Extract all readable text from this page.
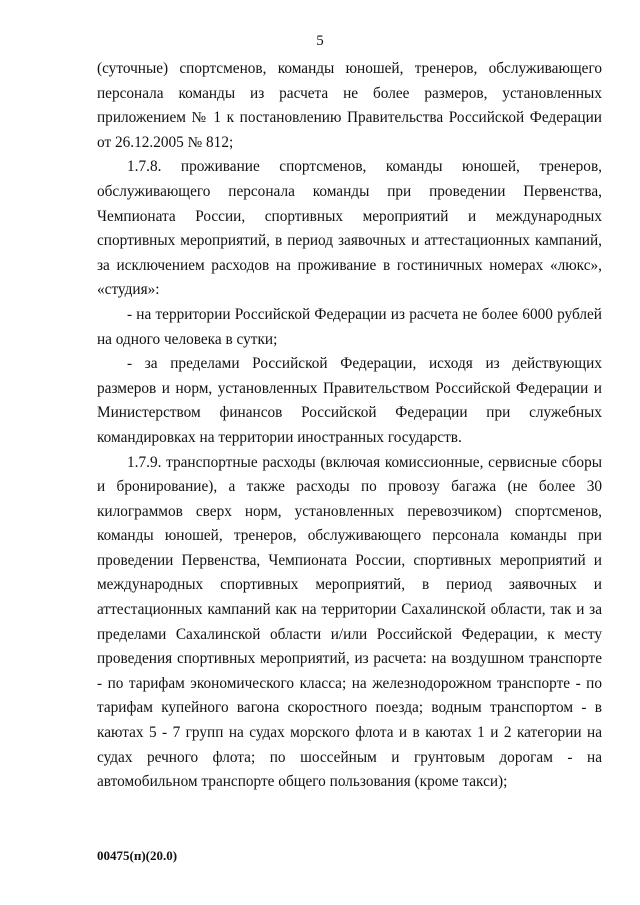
5

(суточные) спортсменов, команды юношей, тренеров, обслуживающего персонала команды из расчета не более размеров, установленных приложением № 1 к постановлению Правительства Российской Федерации от 26.12.2005 № 812;

1.7.8. проживание спортсменов, команды юношей, тренеров, обслуживающего персонала команды при проведении Первенства, Чемпионата России, спортивных мероприятий и международных спортивных мероприятий, в период заявочных и аттестационных кампаний, за исключением расходов на проживание в гостиничных номерах «люкс», «студия»:

- на территории Российской Федерации из расчета не более 6000 рублей на одного человека в сутки;

- за пределами Российской Федерации, исходя из действующих размеров и норм, установленных Правительством Российской Федерации и Министерством финансов Российской Федерации при служебных командировках на территории иностранных государств.

1.7.9. транспортные расходы (включая комиссионные, сервисные сборы и бронирование), а также расходы по провозу багажа (не более 30 килограммов сверх норм, установленных перевозчиком) спортсменов, команды юношей, тренеров, обслуживающего персонала команды при проведении Первенства, Чемпионата России, спортивных мероприятий и международных спортивных мероприятий, в период заявочных и аттестационных кампаний как на территории Сахалинской области, так и за пределами Сахалинской области и/или Российской Федерации, к месту проведения спортивных мероприятий, из расчета: на воздушном транспорте - по тарифам экономического класса; на железнодорожном транспорте - по тарифам купейного вагона скоростного поезда; водным транспортом - в каютах 5 - 7 групп на судах морского флота и в каютах 1 и 2 категории на судах речного флота; по шоссейным и грунтовым дорогам - на автомобильном транспорте общего пользования (кроме такси);

00475(п)(20.0)
